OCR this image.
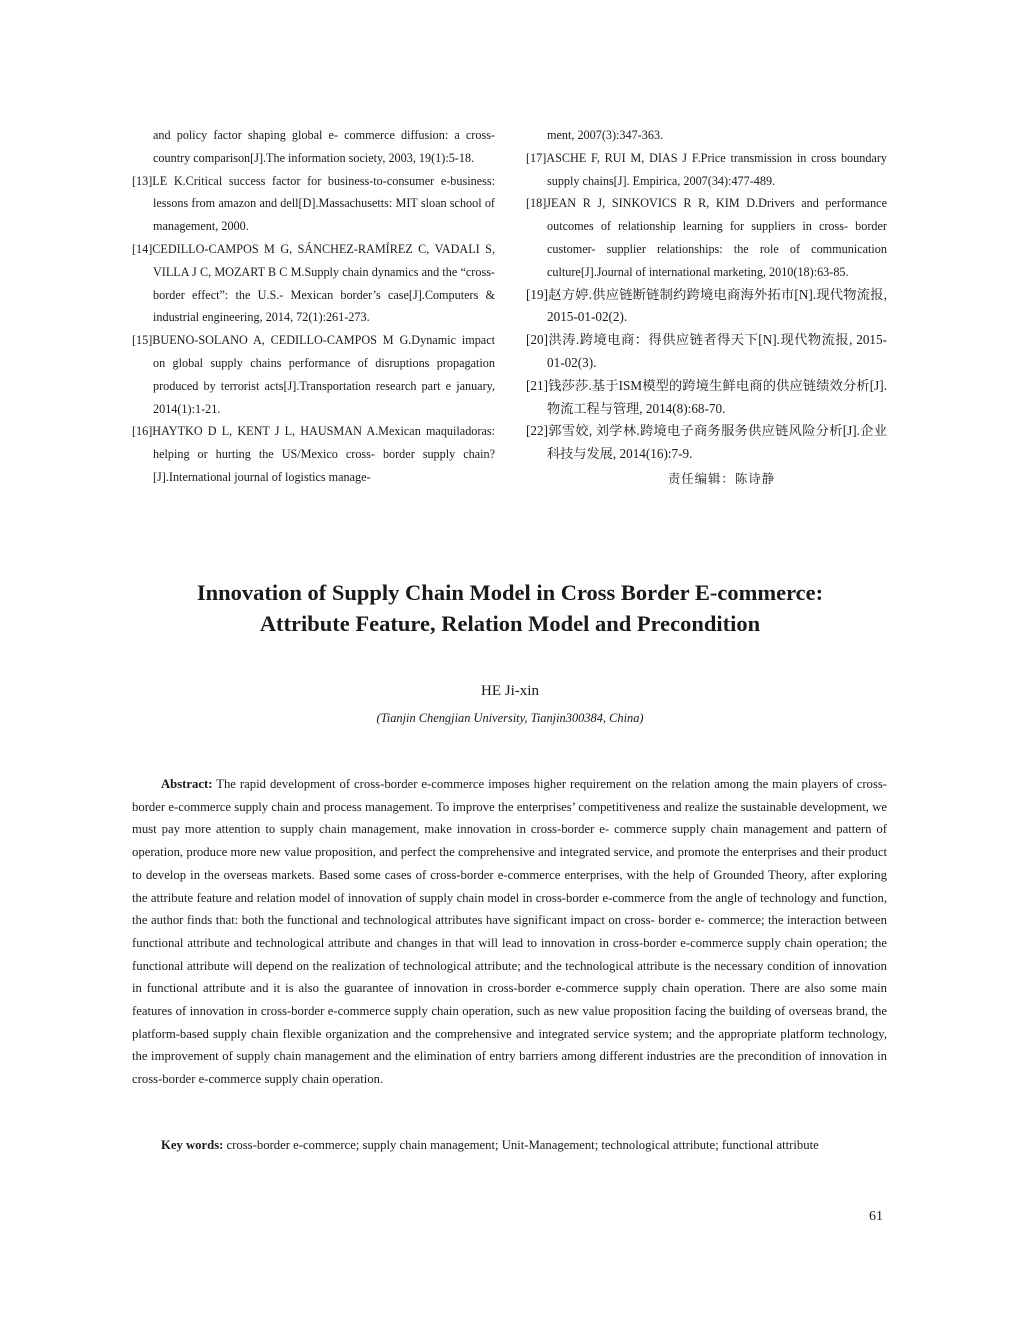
and policy factor shaping global e- commerce diffusion: a cross-country comparison[J].The information society, 2003, 19(1):5-18.

[13]LE K.Critical success factor for business-to-consumer e-business: lessons from amazon and dell[D].Massachusetts: MIT sloan school of management, 2000.

[14]CEDILLO-CAMPOS M G, SÁNCHEZ-RAMÍREZ C, VADALI S, VILLA J C, MOZART B C M.Supply chain dynamics and the “cross- border effect”: the U.S.- Mexican border’s case[J].Computers & industrial engineering, 2014, 72(1):261-273.

[15]BUENO-SOLANO A, CEDILLO-CAMPOS M G.Dynamic impact on global supply chains performance of disruptions propagation produced by terrorist acts[J].Transportation research part e january, 2014(1):1-21.

[16]HAYTKO D L, KENT J L, HAUSMAN A.Mexican maquiladoras: helping or hurting the US/Mexico cross- border supply chain?[J].International journal of logistics manage-

ment, 2007(3):347-363.

[17]ASCHE F, RUI M, DIAS J F.Price transmission in cross boundary supply chains[J]. Empirica, 2007(34):477-489.

[18]JEAN R J, SINKOVICS R R, KIM D.Drivers and performance outcomes of relationship learning for suppliers in cross- border customer- supplier relationships: the role of communication culture[J].Journal of international marketing, 2010(18):63-85.

[19]赵方婷.供应链断链制约跨境电商海外拓市[N].现代物流报, 2015-01-02(2).

[20]洪涛.跨境电商：得供应链者得天下[N].现代物流报, 2015-01-02(3).

[21]钱莎莎.基于ISM模型的跨境生鲜电商的供应链绩效分析[J].物流工程与管理, 2014(8):68-70.

[22]郭雪姣, 刘学林.跨境电子商务服务供应链风险分析[J].企业科技与发展, 2014(16):7-9.

责任编辑：陈诗静
Innovation of Supply Chain Model in Cross Border E-commerce:
Attribute Feature, Relation Model and Precondition
HE Ji-xin
(Tianjin Chengjian University, Tianjin300384, China)

Abstract: The rapid development of cross-border e-commerce imposes higher requirement on the relation among the main players of cross-border e-commerce supply chain and process management. To improve the enterprises’ competitiveness and realize the sustainable development, we must pay more attention to supply chain management, make innovation in cross-border e- commerce supply chain management and pattern of operation, produce more new value proposition, and perfect the comprehensive and integrated service, and promote the enterprises and their product to develop in the overseas markets. Based some cases of cross-border e-commerce enterprises, with the help of Grounded Theory, after exploring the attribute feature and relation model of innovation of supply chain model in cross-border e-commerce from the angle of technology and function, the author finds that: both the functional and technological attributes have significant impact on cross- border e- commerce; the interaction between functional attribute and technological attribute and changes in that will lead to innovation in cross-border e-commerce supply chain operation; the functional attribute will depend on the realization of technological attribute; and the technological attribute is the necessary condition of innovation in functional attribute and it is also the guarantee of innovation in cross-border e-commerce supply chain operation. There are also some main features of innovation in cross-border e-commerce supply chain operation, such as new value proposition facing the building of overseas brand, the platform-based supply chain flexible organization and the comprehensive and integrated service system; and the appropriate platform technology, the improvement of supply chain management and the elimination of entry barriers among different industries are the precondition of innovation in cross-border e-commerce supply chain operation.

Key words: cross-border e-commerce; supply chain management; Unit-Management; technological attribute; functional attribute

61
